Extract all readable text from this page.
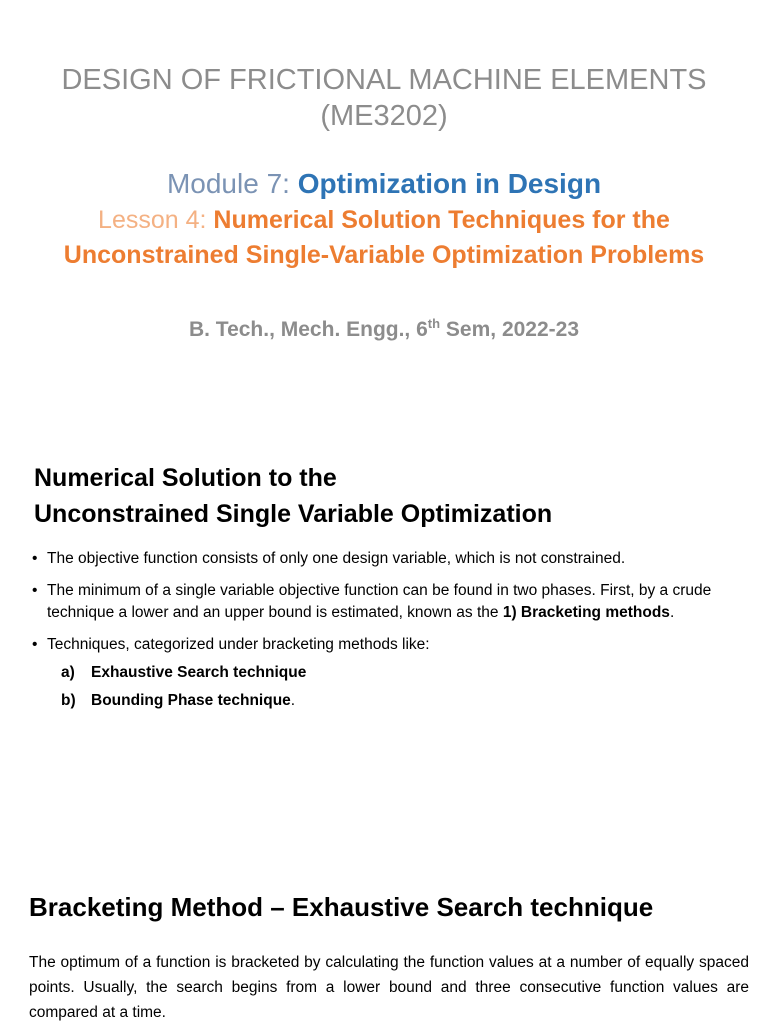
DESIGN OF FRICTIONAL MACHINE ELEMENTS
(ME3202)
Module 7: Optimization in Design
Lesson 4: Numerical Solution Techniques for the
Unconstrained Single-Variable Optimization Problems
B. Tech., Mech. Engg., 6th Sem, 2022-23
Numerical Solution to the
Unconstrained Single Variable Optimization
• The objective function consists of only one design variable, which is not constrained.
• The minimum of a single variable objective function can be found in two phases. First, by a crude technique a lower and an upper bound is estimated, known as the 1) Bracketing methods.
• Techniques, categorized under bracketing methods like:
a) Exhaustive Search technique
b) Bounding Phase technique.
Bracketing Method – Exhaustive Search technique
The optimum of a function is bracketed by calculating the function values at a number of equally spaced points. Usually, the search begins from a lower bound and three consecutive function values are compared at a time.
